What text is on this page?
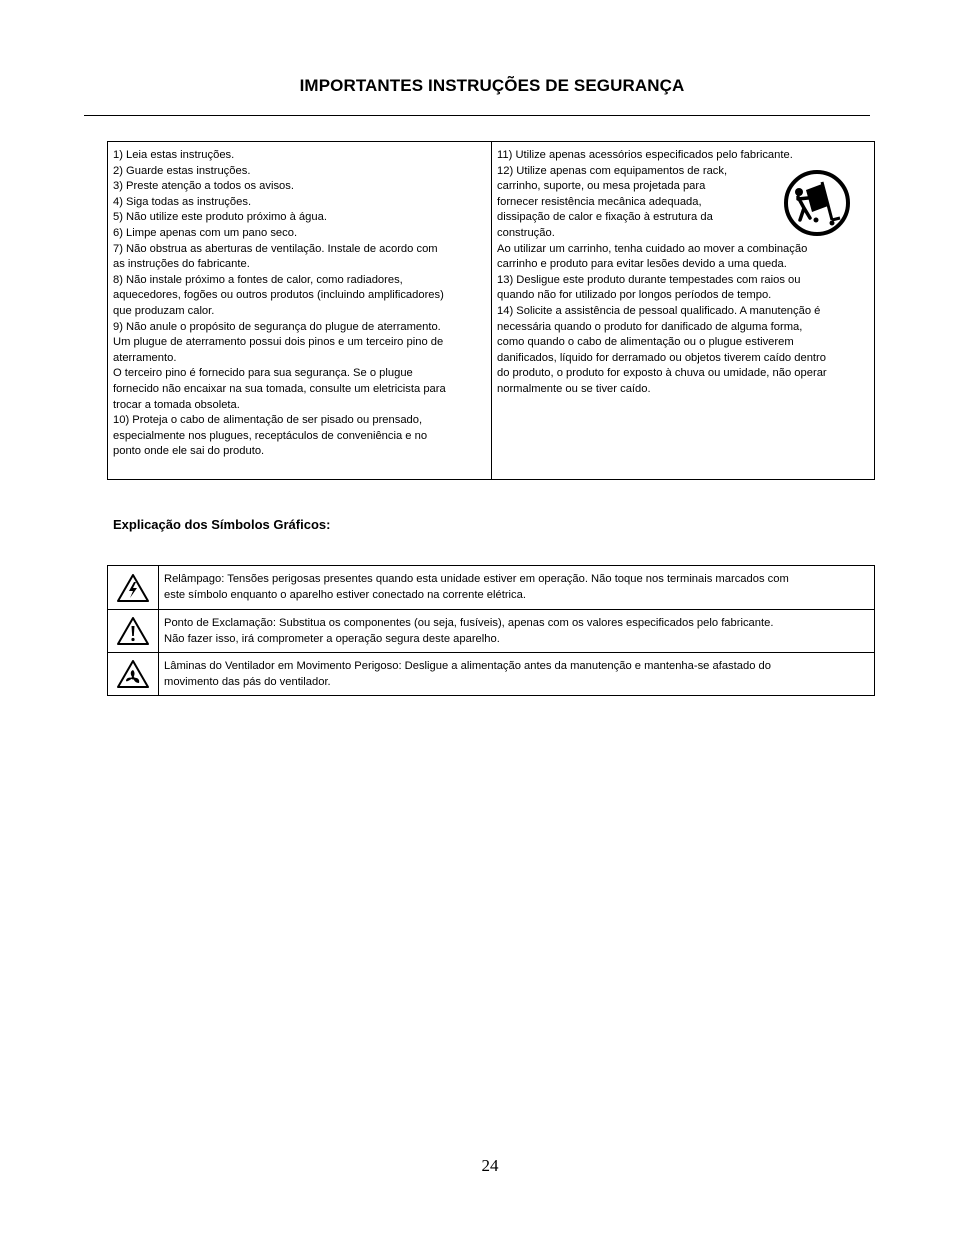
IMPORTANTES INSTRUÇÕES DE SEGURANÇA
1) Leia estas instruções.
2) Guarde estas instruções.
3) Preste atenção a todos os avisos.
4) Siga todas as instruções.
5) Não utilize este produto próximo à água.
6) Limpe apenas com um pano seco.
7) Não obstrua as aberturas de ventilação. Instale de acordo com
as instruções do fabricante.
8) Não instale próximo a fontes de calor, como radiadores,
aquecedores, fogões ou outros produtos (incluindo amplificadores)
que produzam calor.
9) Não anule o propósito de segurança do plugue de aterramento.
Um plugue de aterramento possui dois pinos e um terceiro pino de
aterramento.
O terceiro pino é fornecido para sua segurança. Se o plugue
fornecido não encaixar na sua tomada, consulte um eletricista para
trocar a tomada obsoleta.
10) Proteja o cabo de alimentação de ser pisado ou prensado,
especialmente nos plugues, receptáculos de conveniência e no
ponto onde ele sai do produto.
11) Utilize apenas acessórios especificados pelo fabricante.
12) Utilize apenas com equipamentos de rack,
carrinho, suporte, ou mesa projetada para
fornecer resistência mecânica adequada,
dissipação de calor e fixação à estrutura da
construção.
Ao utilizar um carrinho, tenha cuidado ao mover a combinação
carrinho e produto para evitar lesões devido a uma queda.
13) Desligue este produto durante tempestades com raios ou
quando não for utilizado por longos períodos de tempo.
14) Solicite a assistência de pessoal qualificado. A manutenção é
necessária quando o produto for danificado de alguma forma,
como quando o cabo de alimentação ou o plugue estiverem
danificados, líquido for derramado ou objetos tiverem caído dentro
do produto, o produto for exposto à chuva ou umidade, não operar
normalmente ou se tiver caído.
Explicação dos Símbolos Gráficos:
Relâmpago: Tensões perigosas presentes quando esta unidade estiver em operação. Não toque nos terminais marcados com
este símbolo enquanto o aparelho estiver conectado na corrente elétrica.
Ponto de Exclamação: Substitua os componentes (ou seja, fusíveis), apenas com os valores especificados pelo fabricante.
Não fazer isso, irá comprometer a operação segura deste aparelho.
Lâminas do Ventilador em Movimento Perigoso: Desligue a alimentação antes da manutenção e mantenha-se afastado do
movimento das pás do ventilador.
24
